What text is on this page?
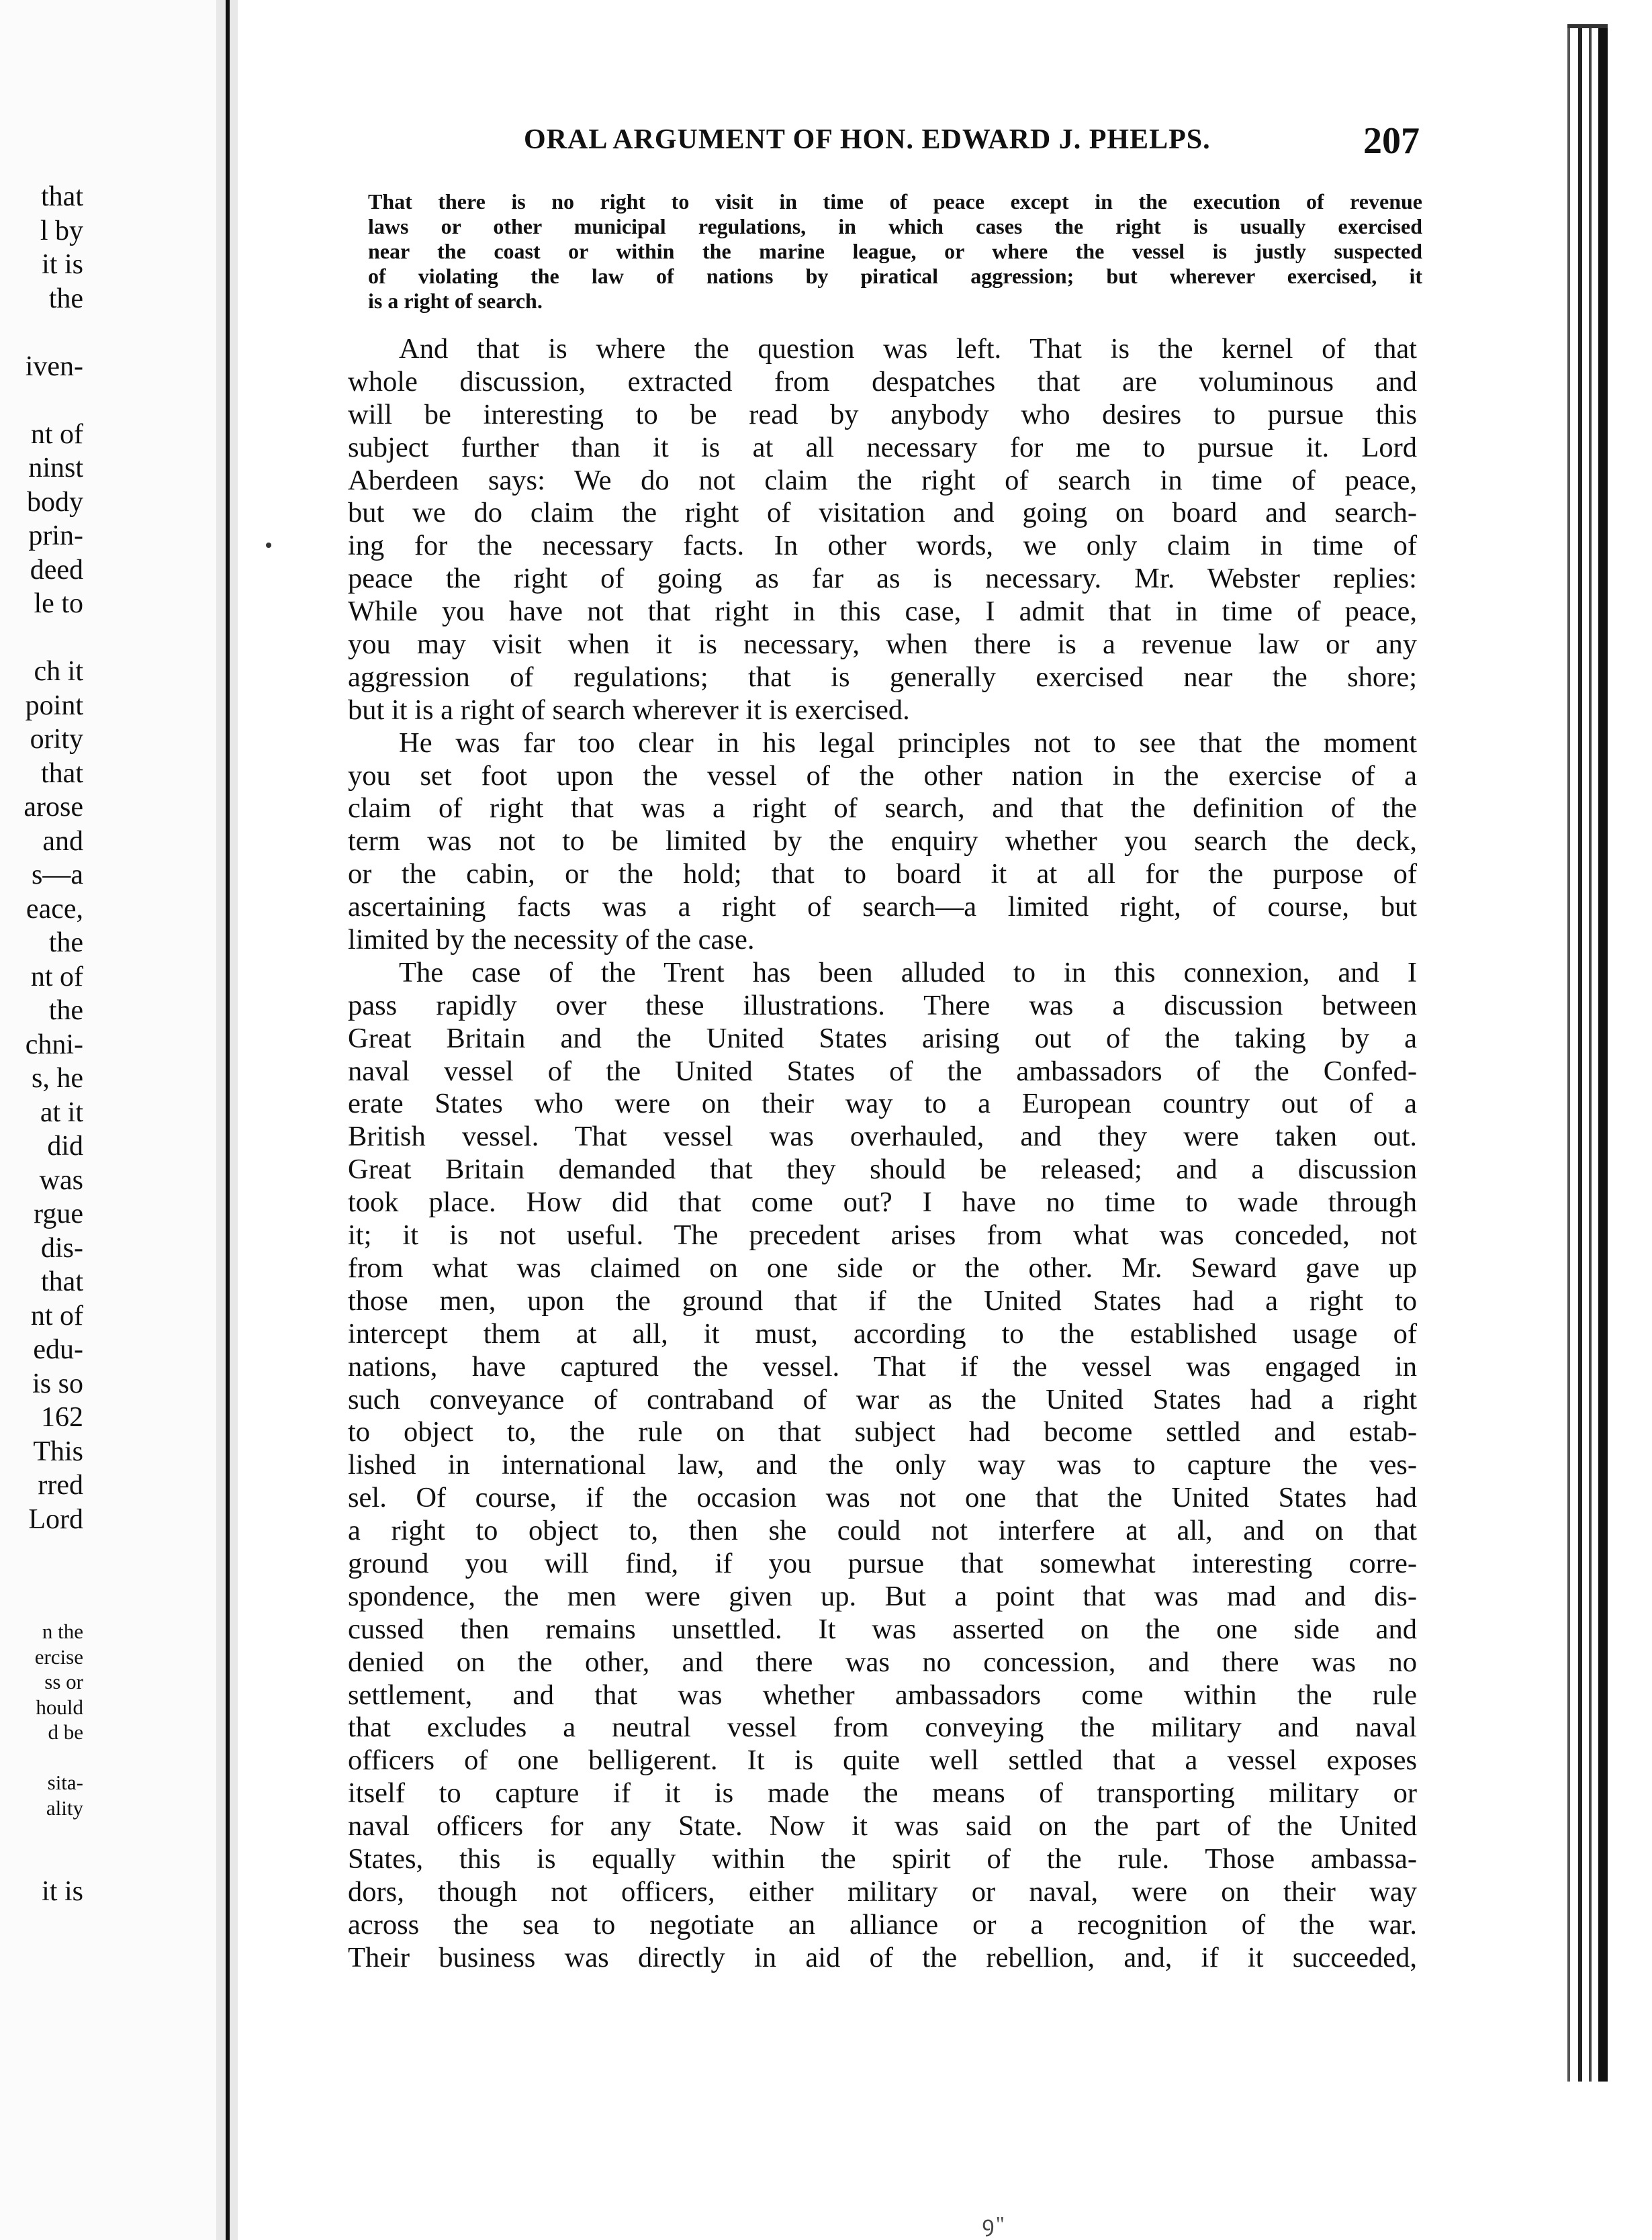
that
l by
it is
the
iven-
nt of
ninst
body
prin-
deed
le to
ch it
point
ority
that
arose
and
s—a
eace,
the
nt of
the
chni-
s, he
at it
did
was
rgue
dis-
that
nt of
edu-
is so
162
This
rred
Lord
n the
ercise
ss or
hould
d be
sita-
ality
it is
ORAL ARGUMENT OF HON. EDWARD J. PHELPS.	207
That there is no right to visit in time of peace except in the execution of revenue
laws or other municipal regulations, in which cases the right is usually exercised
near the coast or within the marine league, or where the vessel is justly suspected
of violating the law of nations by piratical aggression; but wherever exercised, it
is a right of search.
And that is where the question was left. That is the kernel of that
whole discussion, extracted from despatches that are voluminous and
will be interesting to be read by anybody who desires to pursue this
subject further than it is at all necessary for me to pursue it. Lord
Aberdeen says: We do not claim the right of search in time of peace,
but we do claim the right of visitation and going on board and search-
ing for the necessary facts. In other words, we only claim in time of
peace the right of going as far as is necessary. Mr. Webster replies:
While you have not that right in this case, I admit that in time of peace,
you may visit when it is necessary, when there is a revenue law or any
aggression of regulations; that is generally exercised near the shore;
but it is a right of search wherever it is exercised.
He was far too clear in his legal principles not to see that the moment
you set foot upon the vessel of the other nation in the exercise of a
claim of right that was a right of search, and that the definition of the
term was not to be limited by the enquiry whether you search the deck,
or the cabin, or the hold; that to board it at all for the purpose of
ascertaining facts was a right of search—a limited right, of course, but
limited by the necessity of the case.
The case of the Trent has been alluded to in this connexion, and I
pass rapidly over these illustrations. There was a discussion between
Great Britain and the United States arising out of the taking by a
naval vessel of the United States of the ambassadors of the Confed-
erate States who were on their way to a European country out of a
British vessel. That vessel was overhauled, and they were taken out.
Great Britain demanded that they should be released; and a discussion
took place. How did that come out? I have no time to wade through
it; it is not useful. The precedent arises from what was conceded, not
from what was claimed on one side or the other. Mr. Seward gave up
those men, upon the ground that if the United States had a right to
intercept them at all, it must, according to the established usage of
nations, have captured the vessel. That if the vessel was engaged in
such conveyance of contraband of war as the United States had a right
to object to, the rule on that subject had become settled and estab-
lished in international law, and the only way was to capture the ves-
sel. Of course, if the occasion was not one that the United States had
a right to object to, then she could not interfere at all, and on that
ground you will find, if you pursue that somewhat interesting corre-
spondence, the men were given up. But a point that was mad and dis-
cussed then remains unsettled. It was asserted on the one side and
denied on the other, and there was no concession, and there was no
settlement, and that was whether ambassadors come within the rule
that excludes a neutral vessel from conveying the military and naval
officers of one belligerent. It is quite well settled that a vessel exposes
itself to capture if it is made the means of transporting military or
naval officers for any State. Now it was said on the part of the United
States, this is equally within the spirit of the rule. Those ambassa-
dors, though not officers, either military or naval, were on their way
across the sea to negotiate an alliance or a recognition of the war.
Their business was directly in aid of the rebellion, and, if it succeeded,
ꝯ"
